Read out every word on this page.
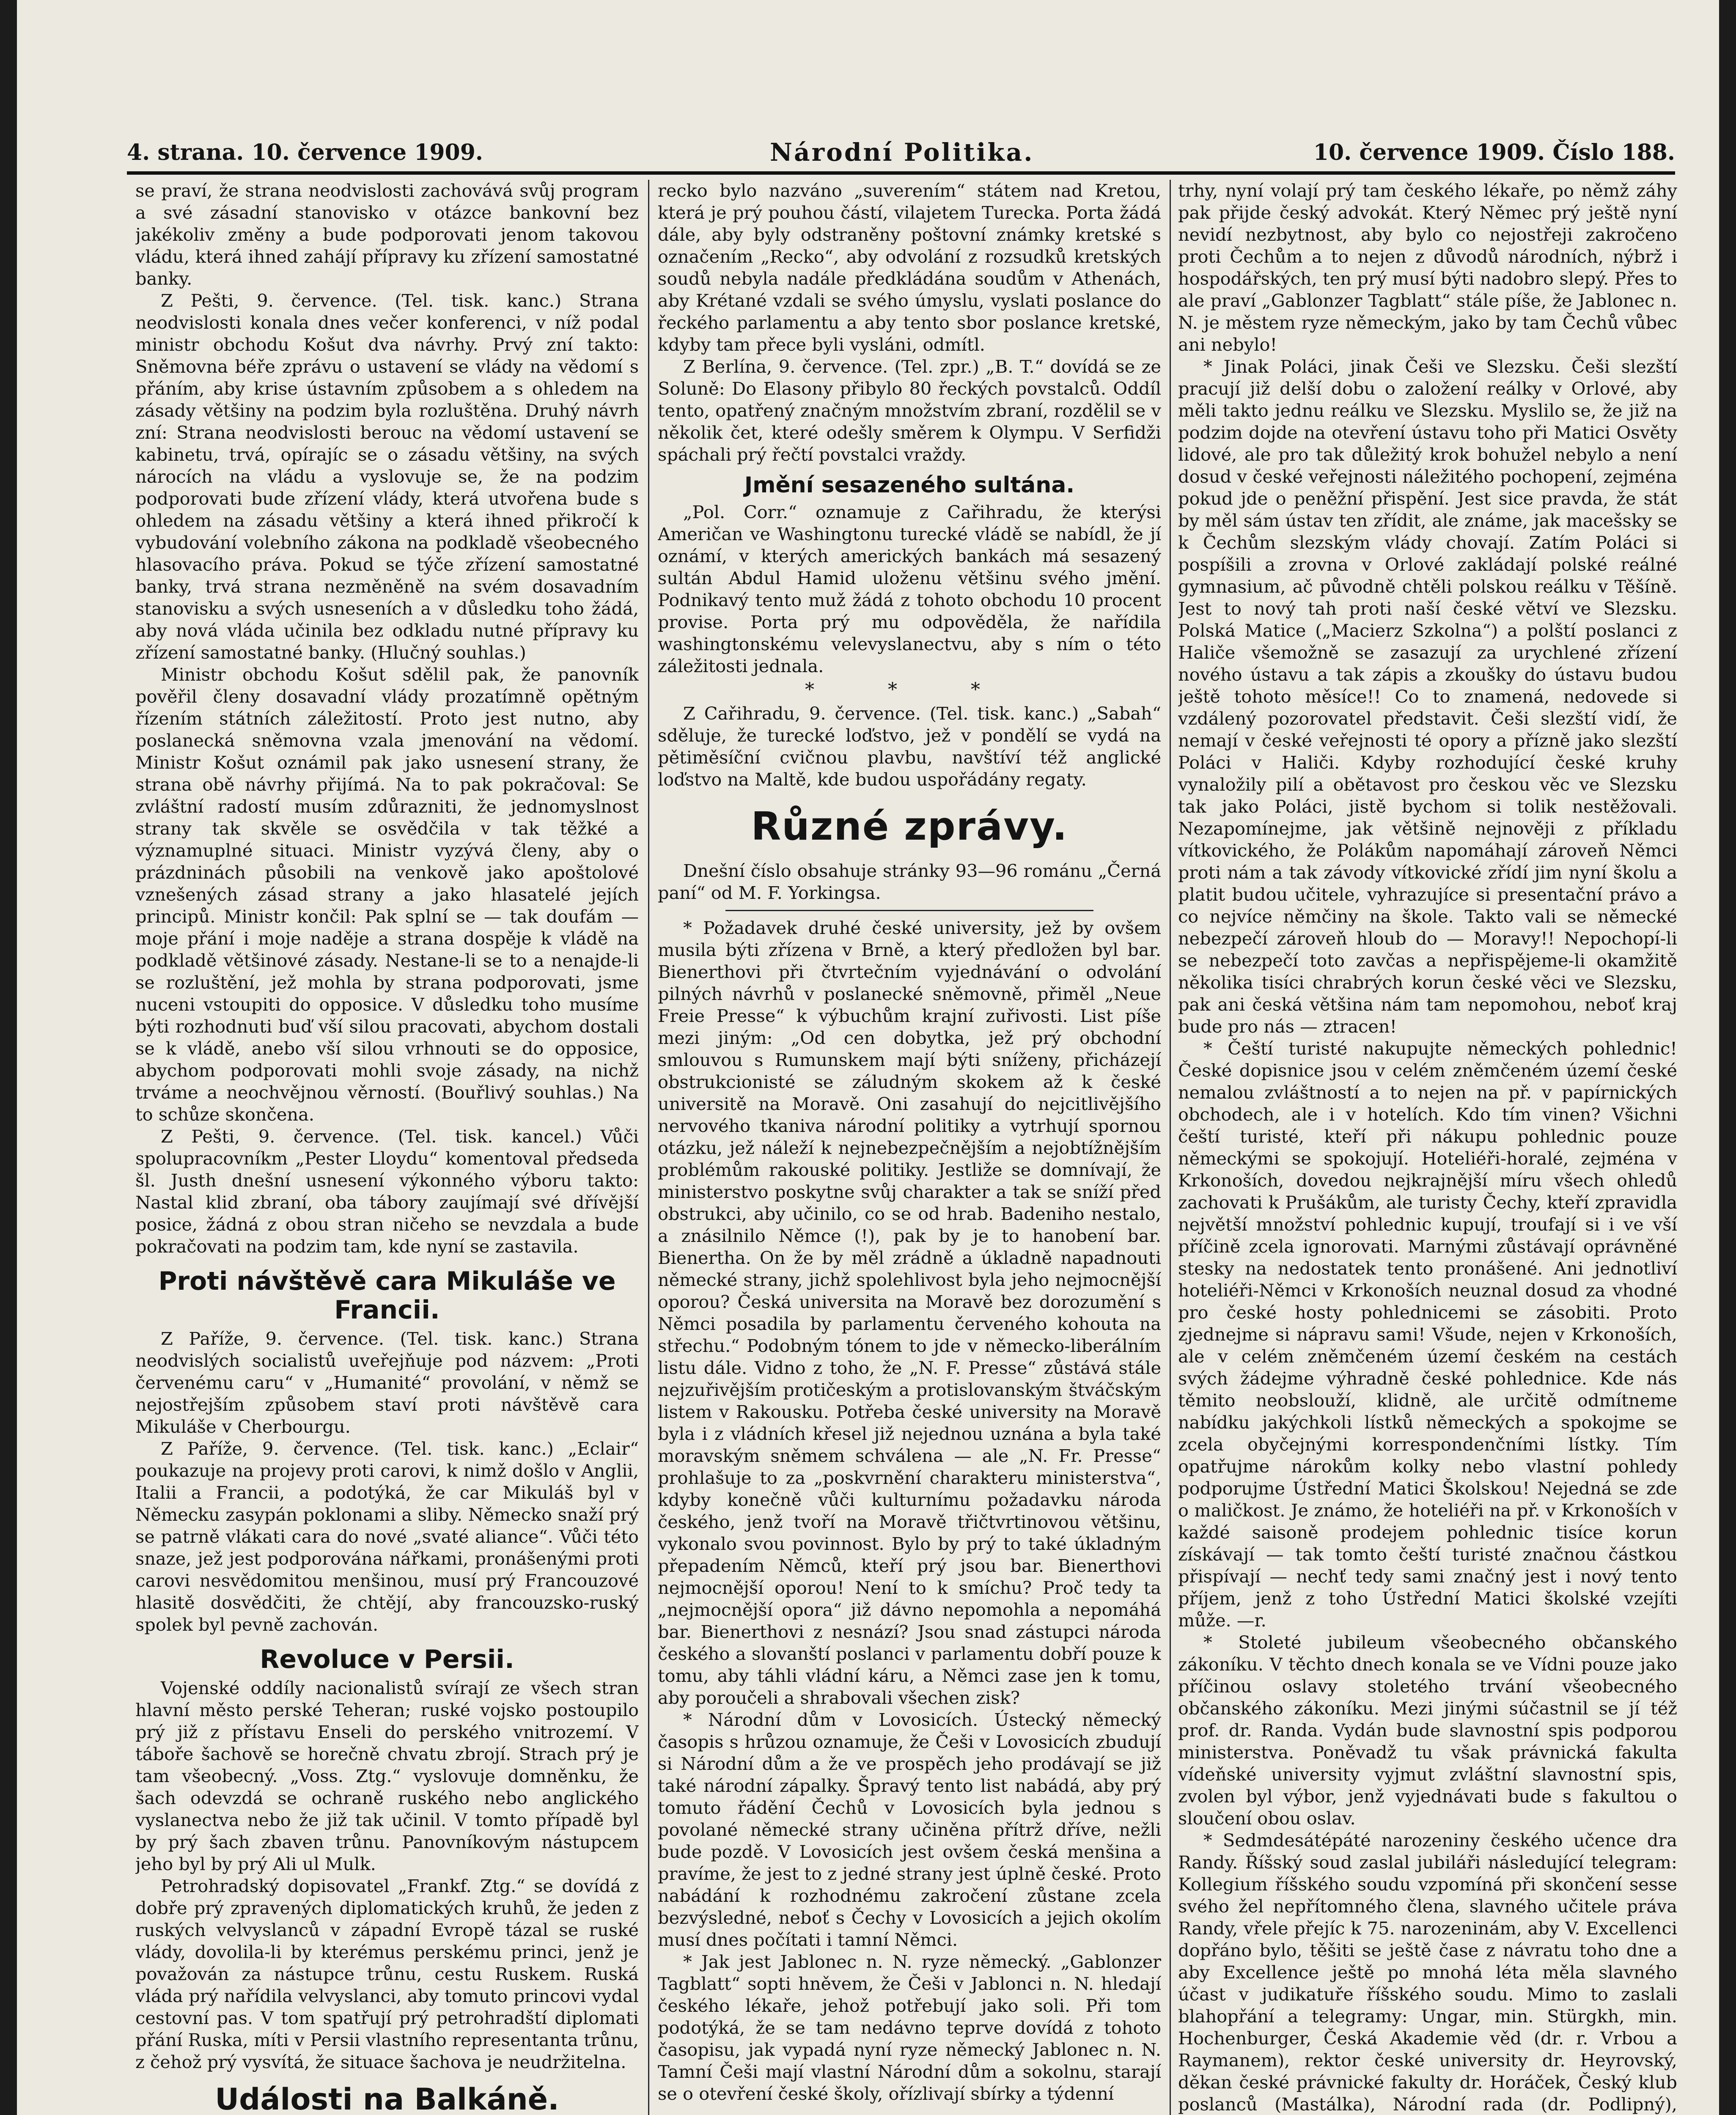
4. strana. 10. července 1909.	Národní Politika.	10. července 1909. Číslo 188.

se praví, že strana neodvislosti zachovává svůj program a své zásadní stanovisko v otázce bankovní bez jakékoliv změny a bude podporovati jenom takovou vládu, která ihned zahájí přípravy ku zřízení samostatné banky.

Z Pešti, 9. července. (Tel. tisk. kanc.) Strana neodvislosti konala dnes večer konferenci, v níž podal ministr obchodu Košut dva návrhy. Prvý zní takto: Sněmovna béře zprávu o ustavení se vlády na vědomí s přáním, aby krise ústavním způsobem a s ohledem na zásady většiny na podzim byla rozluštěna. Druhý návrh zní: Strana neodvislosti berouc na vědomí ustavení se kabinetu, trvá, opírajíc se o zásadu většiny, na svých nárocích na vládu a vyslovuje se, že na podzim podporovati bude zřízení vlády, která utvořena bude s ohledem na zásadu většiny a která ihned přikročí k vybudování volebního zákona na podkladě všeobecného hlasovacího práva. Pokud se týče zřízení samostatné banky, trvá strana nezměněně na svém dosavadním stanovisku a svých usneseních a v důsledku toho žádá, aby nová vláda učinila bez odkladu nutné přípravy ku zřízení samostatné banky. (Hlučný souhlas.)

Ministr obchodu Košut sdělil pak, že panovník pověřil členy dosavadní vlády prozatímně opětným řízením státních záležitostí. Proto jest nutno, aby poslanecká sněmovna vzala jmenování na vědomí. Ministr Košut oznámil pak jako usnesení strany, že strana obě návrhy přijímá. Na to pak pokračoval: Se zvláštní radostí musím zdůrazniti, že jednomyslnost strany tak skvěle se osvědčila v tak těžké a významuplné situaci. Ministr vyzývá členy, aby o prázdninách působili na venkově jako apoštolové vznešených zásad strany a jako hlasatelé jejích principů. Ministr končil: Pak splní se — tak doufám — moje přání i moje naděje a strana dospěje k vládě na podkladě většinové zásady. Nestane-li se to a nenajde-li se rozluštění, jež mohla by strana podporovati, jsme nuceni vstoupiti do opposice. V důsledku toho musíme býti rozhodnuti buď vší silou pracovati, abychom dostali se k vládě, anebo vší silou vrhnouti se do opposice, abychom podporovati mohli svoje zásady, na nichž trváme a neochvějnou věrností. (Bouřlivý souhlas.) Na to schůze skončena.

Z Pešti, 9. července. (Tel. tisk. kancel.) Vůči spolupracovníkm „Pester Lloydu“ komentoval předseda šl. Justh dnešní usnesení výkonného výboru takto: Nastal klid zbraní, oba tábory zaujímají své dřívější posice, žádná z obou stran ničeho se nevzdala a bude pokračovati na podzim tam, kde nyní se zastavila.

Proti návštěvě cara Mikuláše ve Francii.

Z Paříže, 9. července. (Tel. tisk. kanc.) Strana neodvislých socialistů uveřejňuje pod názvem: „Proti červenému caru“ v „Humanité“ provolání, v němž se nejostřejším způsobem staví proti návštěvě cara Mikuláše v Cherbourgu.

Z Paříže, 9. července. (Tel. tisk. kanc.) „Eclair“ poukazuje na projevy proti carovi, k nimž došlo v Anglii, Italii a Francii, a podotýká, že car Mikuláš byl v Německu zasypán poklonami a sliby. Německo snaží prý se patrně vlákati cara do nové „svaté aliance“. Vůči této snaze, jež jest podporována nářkami, pronášenými proti carovi nesvědomitou menšinou, musí prý Francouzové hlasitě dosvědčiti, že chtějí, aby francouzsko-ruský spolek byl pevně zachován.

Revoluce v Persii.

Vojenské oddíly nacionalistů svírají ze všech stran hlavní město perské Teheran; ruské vojsko postoupilo prý již z přístavu Enseli do perského vnitrozemí. V táboře šachově se horečně chvatu zbrojí. Strach prý je tam všeobecný. „Voss. Ztg.“ vyslovuje domněnku, že šach odevzdá se ochraně ruského nebo anglického vyslanectva nebo že již tak učinil. V tomto případě byl by prý šach zbaven trůnu. Panovníkovým nástupcem jeho byl by prý Ali ul Mulk.

Petrohradský dopisovatel „Frankf. Ztg.“ se dovídá z dobře prý zpravených diplomatických kruhů, že jeden z ruských velvyslanců v západní Evropě tázal se ruské vlády, dovolila-li by kterémus perskému princi, jenž je považován za nástupce trůnu, cestu Ruskem. Ruská vláda prý nařídila velvyslanci, aby tomuto princovi vydal cestovní pas. V tom spatřují prý petrohradští diplomati přání Ruska, míti v Persii vlastního representanta trůnu, z čehož prý vysvítá, že situace šachova je neudržitelna.

Události na Balkáně.

recko bylo nazváno „suverením“ státem nad Kretou, která je prý pouhou částí, vilajetem Turecka. Porta žádá dále, aby byly odstraněny poštovní známky kretské s označením „Recko“, aby odvolání z rozsudků kretských soudů nebyla nadále předkládána soudům v Athenách, aby Krétané vzdali se svého úmyslu, vyslati poslance do řeckého parlamentu a aby tento sbor poslance kretské, kdyby tam přece byli vysláni, odmítl.

Z Berlína, 9. července. (Tel. zpr.) „B. T.“ dovídá se ze Soluně: Do Elasony přibylo 80 řeckých povstalců. Oddíl tento, opatřený značným množstvím zbraní, rozdělil se v několik čet, které odešly směrem k Olympu. V Serfidži spáchali prý řečtí povstalci vraždy.

Jmění sesazeného sultána.

„Pol. Corr.“ oznamuje z Cařihradu, že kterýsi Američan ve Washingtonu turecké vládě se nabídl, že jí oznámí, v kterých amerických bankách má sesazený sultán Abdul Hamid uloženu většinu svého jmění. Podnikavý tento muž žádá z tohoto obchodu 10 procent provise. Porta prý mu odpověděla, že nařídila washingtonskému velevyslanectvu, aby s ním o této záležitosti jednala.

* * *

Z Cařihradu, 9. července. (Tel. tisk. kanc.) „Sabah“ sděluje, že turecké loďstvo, jež v pondělí se vydá na pětiměsíční cvičnou plavbu, navštíví též anglické loďstvo na Maltě, kde budou uspořádány regaty.

Různé zprávy.

Dnešní číslo obsahuje stránky 93—96 románu „Černá paní“ od M. F. Yorkingsa.

* Požadavek druhé české university, jež by ovšem musila býti zřízena v Brně, a který předložen byl bar. Bienerthovi při čtvrtečním vyjednávání o odvolání pilných návrhů v poslanecké sněmovně, přiměl „Neue Freie Presse“ k výbuchům krajní zuřivosti. List píše mezi jiným: „Od cen dobytka, jež prý obchodní smlouvou s Rumunskem mají býti sníženy, přicházejí obstrukcionisté se záludným skokem až k české universitě na Moravě. Oni zasahují do nejcitlivějšího nervového tkaniva národní politiky a vytrhují spornou otázku, jež náleží k nejnebezpečnějším a nejobtížnějším problémům rakouské politiky. Jestliže se domnívají, že ministerstvo poskytne svůj charakter a tak se sníží před obstrukci, aby učinilo, co se od hrab. Badeniho nestalo, a znásilnilo Němce (!), pak by je to hanobení bar. Bienertha. On že by měl zrádně a úkladně napadnouti německé strany, jichž spolehlivost byla jeho nejmocnější oporou? Česká universita na Moravě bez dorozumění s Němci posadila by parlamentu červeného kohouta na střechu.“ Podobným tónem to jde v německo-liberálním listu dále. Vidno z toho, že „N. F. Presse“ zůstává stále nejzuřivějším protičeským a protislovanským štváčským listem v Rakousku. Potřeba české university na Moravě byla i z vládních křesel již nejednou uznána a byla také moravským sněmem schválena — ale „N. Fr. Presse“ prohlašuje to za „poskvrnění charakteru ministerstva“, kdyby konečně vůči kulturnímu požadavku národa českého, jenž tvoří na Moravě třičtvrtinovou většinu, vykonalo svou povinnost. Bylo by prý to také úkladným přepadením Němců, kteří prý jsou bar. Bienerthovi nejmocnější oporou! Není to k smíchu? Proč tedy ta „nejmocnější opora“ již dávno nepomohla a nepomáhá bar. Bienerthovi z nesnází? Jsou snad zástupci národa českého a slovanští poslanci v parlamentu dobří pouze k tomu, aby táhli vládní káru, a Němci zase jen k tomu, aby poroučeli a shrabovali všechen zisk?

* Národní dům v Lovosicích. Ústecký německý časopis s hrůzou oznamuje, že Češi v Lovosicích zbudují si Národní dům a že ve prospěch jeho prodávají se již také národní zápalky. Špravý tento list nabádá, aby prý tomuto řádění Čechů v Lovosicích byla jednou s povolané německé strany učiněna přítrž dříve, nežli bude pozdě. V Lovosicích jest ovšem česká menšina a pravíme, že jest to z jedné strany jest úplně české. Proto nabádání k rozhodnému zakročení zůstane zcela bezvýsledné, neboť s Čechy v Lovosicích a jejich okolím musí dnes počítati i tamní Němci.

* Jak jest Jablonec n. N. ryze německý. „Gablonzer Tagblatt“ sopti hněvem, že Češi v Jablonci n. N. hledají českého lékaře, jehož potřebují jako soli. Při tom podotýká, že se tam nedávno teprve dovídá z tohoto časopisu, jak vypadá nyní ryze německý Jablonec n. N. Tamní Češi mají vlastní Národní dům a sokolnu, starají se o otevření české školy, ořízlivají sbírky a týdenní

trhy, nyní volají prý tam českého lékaře, po němž záhy pak přijde český advokát. Který Němec prý ještě nyní nevidí nezbytnost, aby bylo co nejostřeji zakročeno proti Čechům a to nejen z důvodů národních, nýbrž i hospodářských, ten prý musí býti nadobro slepý. Přes to ale praví „Gablonzer Tagblatt“ stále píše, že Jablonec n. N. je městem ryze německým, jako by tam Čechů vůbec ani nebylo!

* Jinak Poláci, jinak Češi ve Slezsku. Češi slezští pracují již delší dobu o založení reálky v Orlové, aby měli takto jednu reálku ve Slezsku. Myslilo se, že již na podzim dojde na otevření ústavu toho při Matici Osvěty lidové, ale pro tak důležitý krok bohužel nebylo a není dosud v české veřejnosti náležitého pochopení, zejména pokud jde o peněžní přispění. Jest sice pravda, že stát by měl sám ústav ten zřídit, ale známe, jak macešsky se k Čechům slezským vlády chovají. Zatím Poláci si pospíšili a zrovna v Orlové zakládají polské reálné gymnasium, ač původně chtěli polskou reálku v Těšíně. Jest to nový tah proti naší české větví ve Slezsku. Polská Matice („Macierz Szkolna“) a polští poslanci z Haliče všemožně se zasazují za urychlené zřízení nového ústavu a tak zápis a zkoušky do ústavu budou ještě tohoto měsíce!! Co to znamená, nedovede si vzdálený pozorovatel představit. Češi slezští vidí, že nemají v české veřejnosti té opory a přízně jako slezští Poláci v Haliči. Kdyby rozhodující české kruhy vynaložily pilí a obětavost pro českou věc ve Slezsku tak jako Poláci, jistě bychom si tolik nestěžovali. Nezapomínejme, jak většině nejnověji z příkladu vítkovického, že Polákům napomáhají zároveň Němci proti nám a tak závody vítkovické zřídí jim nyní školu a platit budou učitele, vyhrazujíce si presentační právo a co nejvíce němčiny na škole. Takto vali se německé nebezpečí zároveň hloub do — Moravy!! Nepochopí-li se nebezpečí toto zavčas a nepřispějeme-li okamžitě několika tisíci chrabrých korun české věci ve Slezsku, pak ani česká většina nám tam nepomohou, neboť kraj bude pro nás — ztracen!

* Čeští turisté nakupujte německých pohlednic! České dopisnice jsou v celém zněmčeném území české nemalou zvláštností a to nejen na př. v papírnických obchodech, ale i v hotelích. Kdo tím vinen? Všichni čeští turisté, kteří při nákupu pohlednic pouze německými se spokojují. Hoteliéři-horalé, zejména v Krkonoších, dovedou nejkrajnější míru všech ohledů zachovati k Prušákům, ale turisty Čechy, kteří zpravidla největší množství pohlednic kupují, troufají si i ve vší příčině zcela ignorovati. Marnými zůstávají oprávněné stesky na nedostatek tento pronášené. Ani jednotliví hoteliéři-Němci v Krkonoších neuznal dosud za vhodné pro české hosty pohlednicemi se zásobiti. Proto zjednejme si nápravu sami! Všude, nejen v Krkonoších, ale v celém zněmčeném území českém na cestách svých žádejme výhradně české pohlednice. Kde nás těmito neobslouží, klidně, ale určitě odmítneme nabídku jakýchkoli lístků německých a spokojme se zcela obyčejnými korrespondenčními lístky. Tím opatřujme nárokům kolky nebo vlastní pohledy podporujme Ústřední Matici Školskou! Nejedná se zde o maličkost. Je známo, že hoteliéři na př. v Krkonoších v každé saisoně prodejem pohlednic tisíce korun získávají — tak tomto čeští turisté značnou částkou přispívají — nechť tedy sami značný jest i nový tento příjem, jenž z toho Ústřední Matici školské vzejíti může. —r.

* Stoleté jubileum všeobecného občanského zákoníku. V těchto dnech konala se ve Vídni pouze jako příčinou oslavy stoletého trvání všeobecného občanského zákoníku. Mezi jinými súčastnil se jí též prof. dr. Randa. Vydán bude slavnostní spis podporou ministerstva. Poněvadž tu však právnická fakulta vídeňské university vyjmut zvláštní slavnostní spis, zvolen byl výbor, jenž vyjednávati bude s fakultou o sloučení obou oslav.

* Sedmdesátépáté narozeniny českého učence dra Randy. Říšský soud zaslal jubiláři následující telegram: Kollegium říšského soudu vzpomíná při skončení sesse svého žel nepřítomného člena, slavného učitele práva Randy, vřele přejíc k 75. narozeninám, aby V. Excellenci dopřáno bylo, těšiti se ještě čase z návratu toho dne a aby Excellence ještě po mnohá léta měla slavného účast v judikatuře říšského soudu. Mimo to zaslali blahopřání a telegramy: Ungar, min. Stürgkh, min. Hochenburger, Česká Akademie věd (dr. r. Vrbou a Raymanem), rektor české university dr. Heyrovský, děkan české právnické fakulty dr. Horáček, Český klub poslanců (Mastálka), Národní rada (dr. Podlipný),
